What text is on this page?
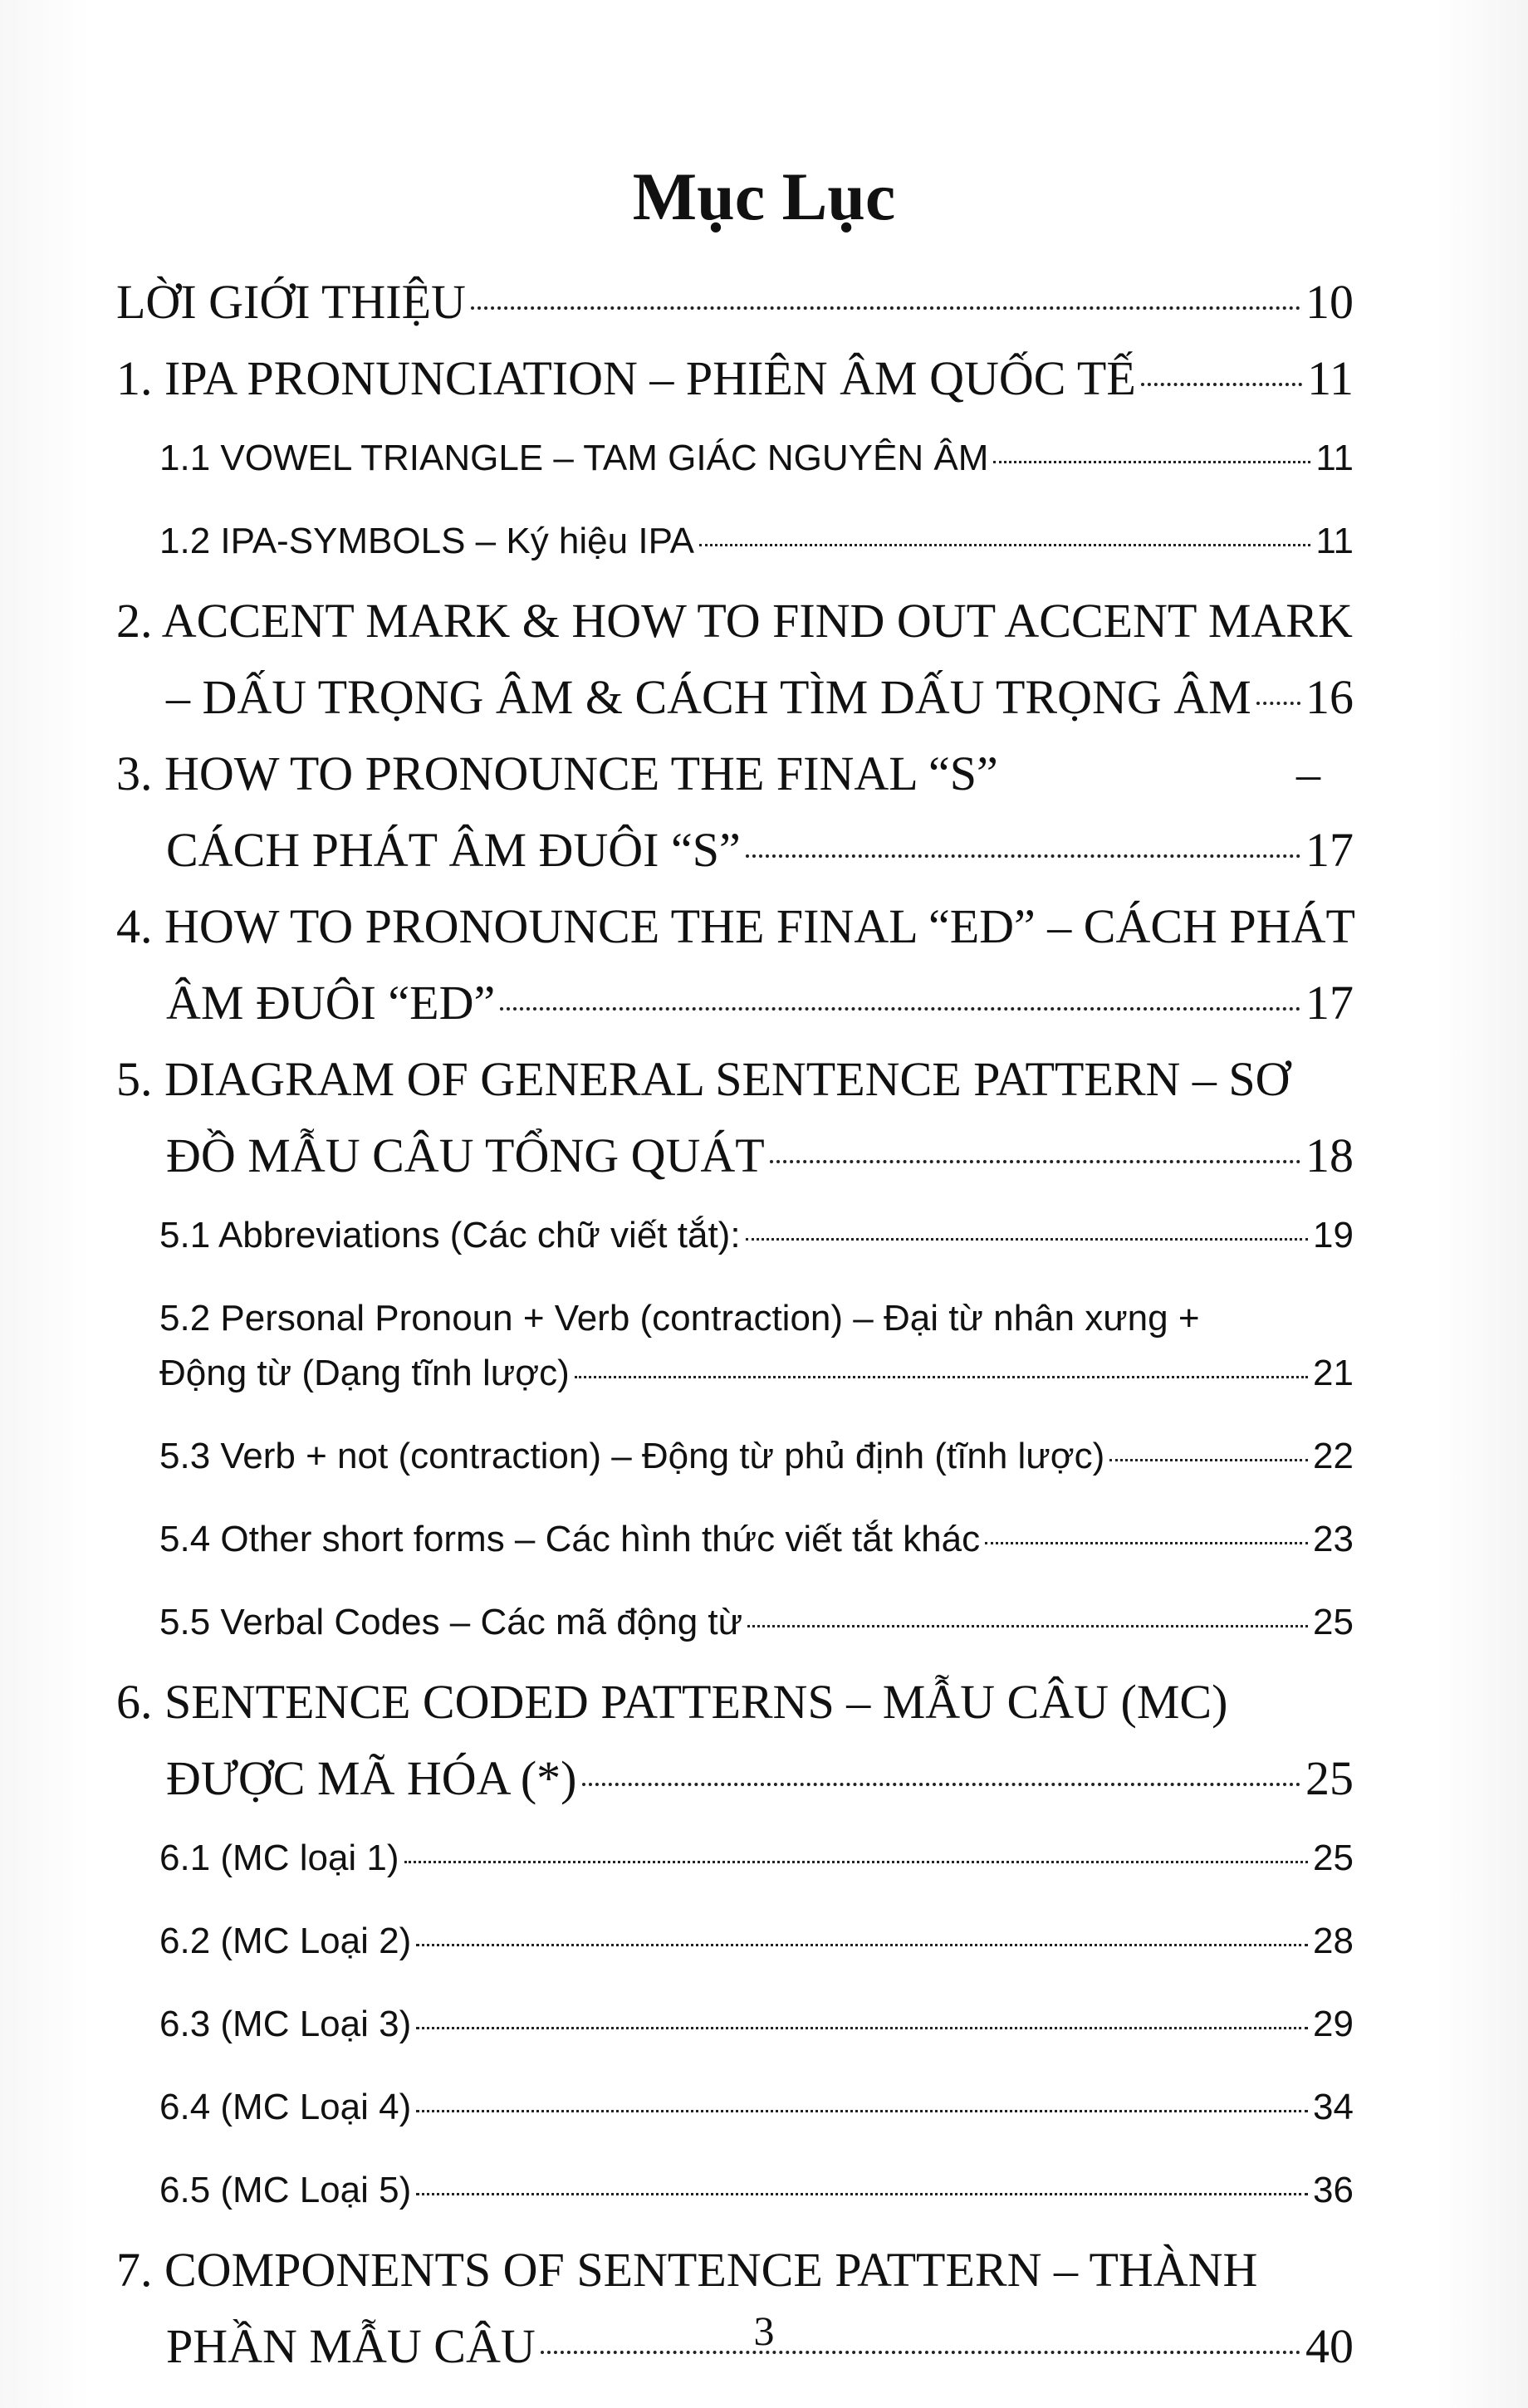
Mục Lục
LỜI GIỚI THIỆU	10
1. IPA PRONUNCIATION – PHIÊN ÂM QUỐC TẾ	11
1.1 VOWEL TRIANGLE – TAM GIÁC NGUYÊN ÂM	11
1.2 IPA-SYMBOLS – Ký hiệu IPA	11
2. ACCENT MARK & HOW TO FIND OUT ACCENT MARK
– DẤU TRỌNG ÂM & CÁCH TÌM DẤU TRỌNG ÂM 16
3. HOW TO PRONOUNCE THE FINAL “S”	–
CÁCH PHÁT ÂM ĐUÔI “S”	17
4. HOW TO PRONOUNCE THE FINAL “ED” – CÁCH PHÁT
ÂM ĐUÔI “ED”	17
5. DIAGRAM OF GENERAL SENTENCE PATTERN – SƠ
ĐỒ MẪU CÂU TỔNG QUÁT	18
5.1 Abbreviations (Các chữ viết tắt):	19
5.2 Personal Pronoun + Verb (contraction) – Đại từ nhân xưng +
Động từ (Dạng tĩnh lược)	21
5.3 Verb + not (contraction) – Động từ phủ định (tĩnh lược)	22
5.4 Other short forms – Các hình thức viết tắt khác	23
5.5 Verbal Codes – Các mã động từ	25
6. SENTENCE CODED PATTERNS – MẪU CÂU (MC)
ĐƯỢC MÃ HÓA (*)	25
6.1 (MC loại 1)	25
6.2 (MC Loại 2)	28
6.3 (MC Loại 3)	29
6.4 (MC Loại 4)	34
6.5 (MC Loại 5)	36
7. COMPONENTS OF SENTENCE PATTERN – THÀNH
PHẦN MẪU CÂU	40
3
